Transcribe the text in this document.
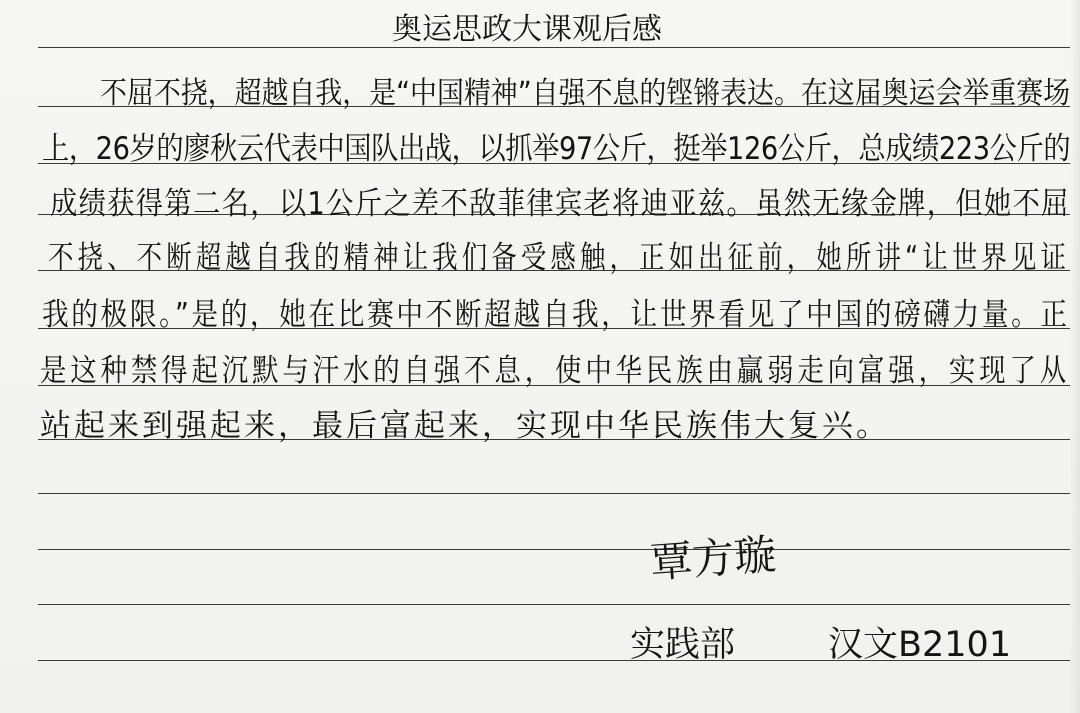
奥运思政大课观后感
不屈不挠，超越自我，是“中国精神”自强不息的铿锵表达。在这届奥运会举重赛场
上，26岁的廖秋云代表中国队出战，以抓举97公斤，挺举126公斤，总成绩223公斤的
成绩获得第二名，以1公斤之差不敌菲律宾老将迪亚兹。虽然无缘金牌，但她不屈
不挠、不断超越自我的精神让我们备受感触，正如出征前，她所讲“让世界见证
我的极限。”是的，她在比赛中不断超越自我，让世界看见了中国的磅礴力量。正
是这种禁得起沉默与汗水的自强不息，使中华民族由贏弱走向富强，实现了从
站起来到强起来，最后富起来，实现中华民族伟大复兴。
覃方璇
实践部	汉文B2101
